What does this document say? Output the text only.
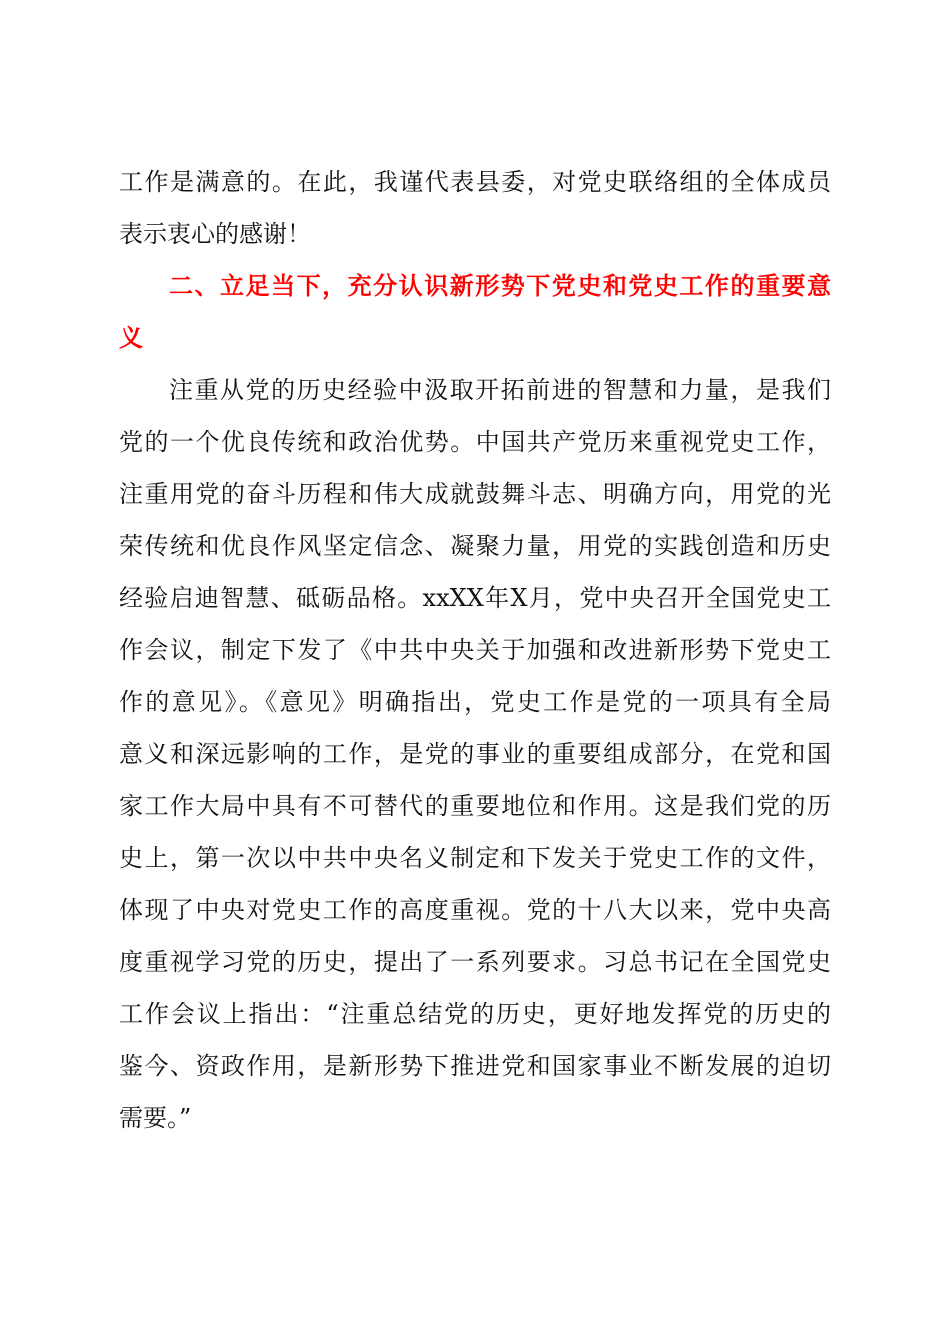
工作是满意的。在此，我谨代表县委，对党史联络组的全体成员
表示衷心的感谢！
二、立足当下，充分认识新形势下党史和党史工作的重要意
义
注重从党的历史经验中汲取开拓前进的智慧和力量，是我们
党的一个优良传统和政治优势。中国共产党历来重视党史工作，
注重用党的奋斗历程和伟大成就鼓舞斗志、明确方向，用党的光
荣传统和优良作风坚定信念、凝聚力量，用党的实践创造和历史
经验启迪智慧、砥砺品格。xxXX年X月，党中央召开全国党史工
作会议，制定下发了《中共中央关于加强和改进新形势下党史工
作的意见》。《意见》明确指出，党史工作是党的一项具有全局
意义和深远影响的工作，是党的事业的重要组成部分，在党和国
家工作大局中具有不可替代的重要地位和作用。这是我们党的历
史上，第一次以中共中央名义制定和下发关于党史工作的文件，
体现了中央对党史工作的高度重视。党的十八大以来，党中央高
度重视学习党的历史，提出了一系列要求。习总书记在全国党史
工作会议上指出：“注重总结党的历史，更好地发挥党的历史的
鉴今、资政作用，是新形势下推进党和国家事业不断发展的迫切
需要。”
